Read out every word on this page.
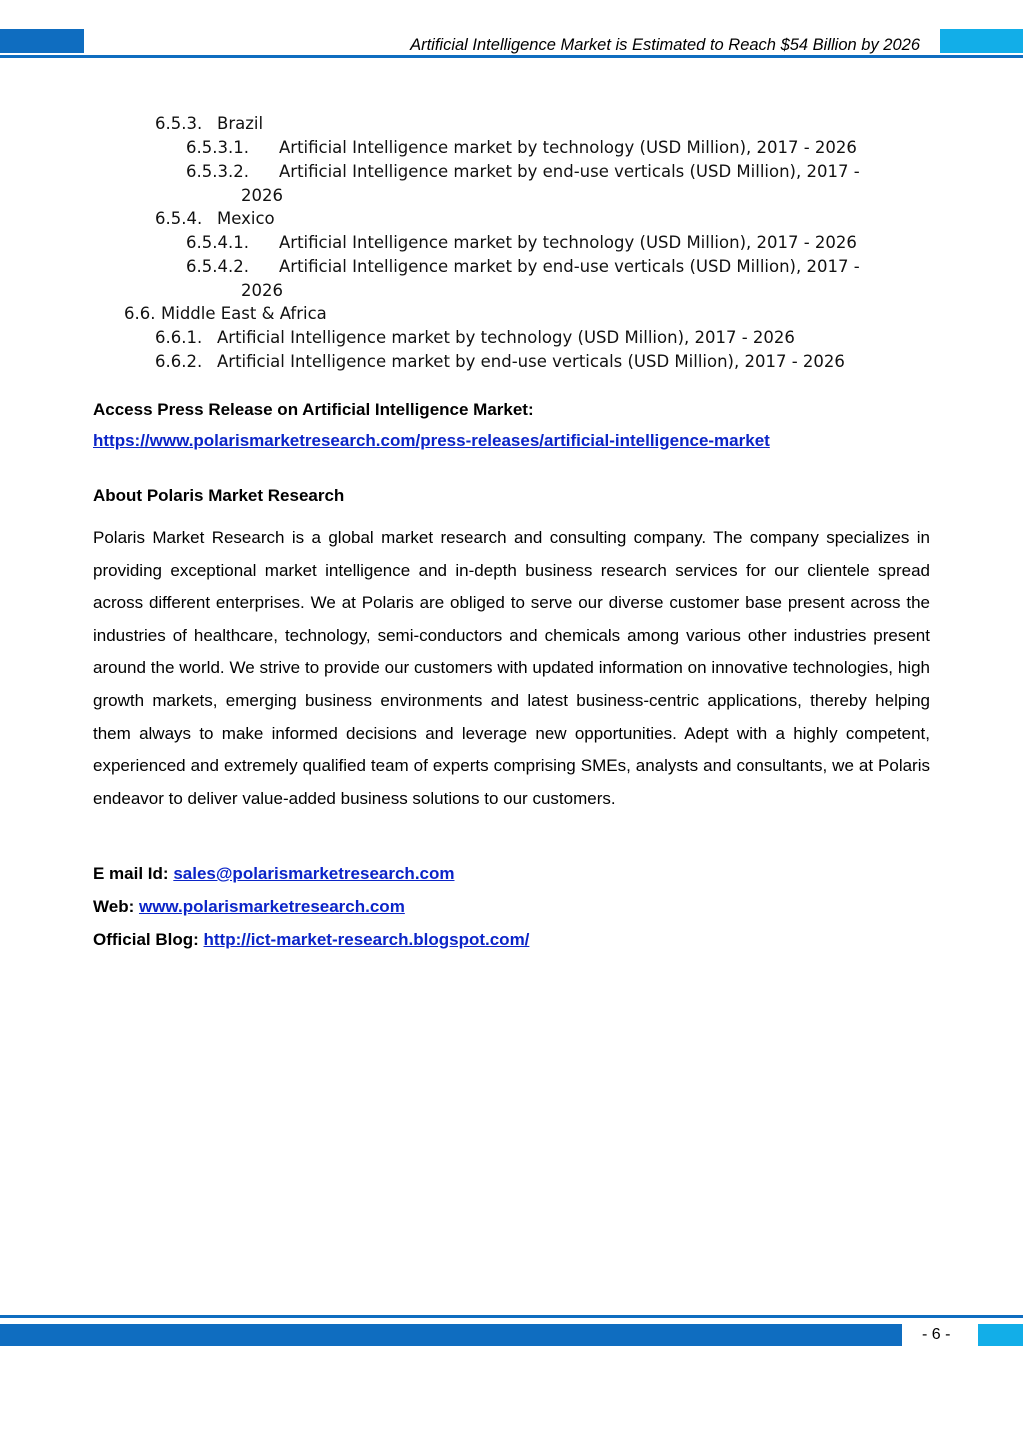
Artificial Intelligence Market is Estimated to Reach $54 Billion by 2026
6.5.3. Brazil
6.5.3.1. Artificial Intelligence market by technology (USD Million), 2017 - 2026
6.5.3.2. Artificial Intelligence market by end-use verticals (USD Million), 2017 -
2026
6.5.4. Mexico
6.5.4.1. Artificial Intelligence market by technology (USD Million), 2017 - 2026
6.5.4.2. Artificial Intelligence market by end-use verticals (USD Million), 2017 -
2026
6.6. Middle East & Africa
6.6.1. Artificial Intelligence market by technology (USD Million), 2017 - 2026
6.6.2. Artificial Intelligence market by end-use verticals (USD Million), 2017 - 2026
Access Press Release on Artificial Intelligence Market:
https://www.polarismarketresearch.com/press-releases/artificial-intelligence-market
About Polaris Market Research

Polaris Market Research is a global market research and consulting company. The company specializes in providing exceptional market intelligence and in-depth business research services for our clientele spread across different enterprises. We at Polaris are obliged to serve our diverse customer base present across the industries of healthcare, technology, semi-conductors and chemicals among various other industries present around the world. We strive to provide our customers with updated information on innovative technologies, high growth markets, emerging business environments and latest business-centric applications, thereby helping them always to make informed decisions and leverage new opportunities. Adept with a highly competent, experienced and extremely qualified team of experts comprising SMEs, analysts and consultants, we at Polaris endeavor to deliver value-added business solutions to our customers.

E mail Id: sales@polarismarketresearch.com
Web: www.polarismarketresearch.com
Official Blog: http://ict-market-research.blogspot.com/
- 6 -
